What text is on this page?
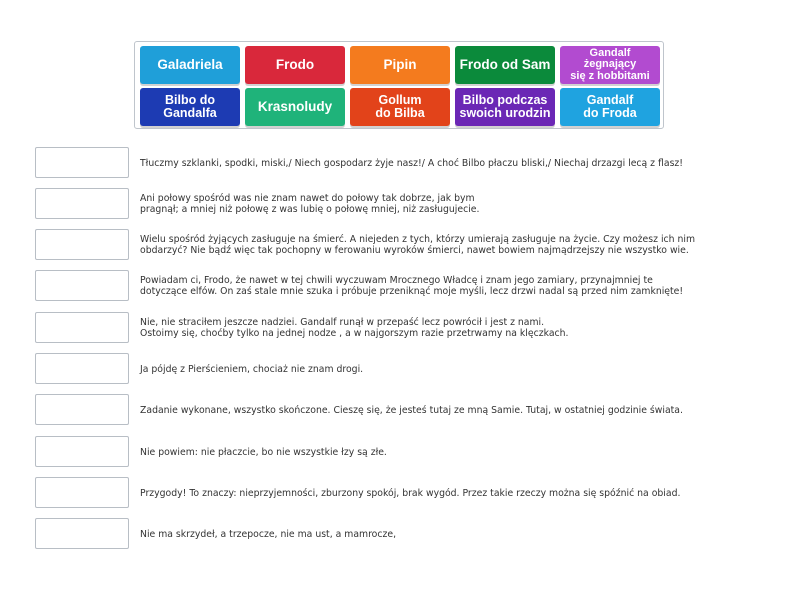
Galadriela	Frodo	Pipin	Frodo od Sam
Gandalf żegnający
się z hobbitami
Bilbo do
Gandalfa	Krasnoludy	Gollum
do Bilba
Bilbo podczas
swoich urodzin
Gandalf
do Froda
Tłuczmy szklanki, spodki, miski,/ Niech gospodarz żyje nasz!/ A choć Bilbo płaczu bliski,/ Niechaj drzazgi lecą z flasz!
Ani połowy spośród was nie znam nawet do połowy tak dobrze, jak bym
pragnął; a mniej niż połowę z was lubię o połowę mniej, niż zasługujecie.
Wielu spośród żyjących zasługuje na śmierć. A niejeden z tych, którzy umierają zasługuje na życie. Czy możesz ich nim
obdarzyć? Nie bądź więc tak pochopny w ferowaniu wyroków śmierci, nawet bowiem najmądrzejszy nie wszystko wie.
Powiadam ci, Frodo, że nawet w tej chwili wyczuwam Mrocznego Władcę i znam jego zamiary, przynajmniej te
dotyczące elfów. On zaś stale mnie szuka i próbuje przeniknąć moje myśli, lecz drzwi nadal są przed nim zamknięte!
Nie, nie straciłem jeszcze nadziei. Gandalf runął w przepaść lecz powrócił i jest z nami.
Ostoimy się, choćby tylko na jednej nodze , a w najgorszym razie przetrwamy na klęczkach.
Ja pójdę z Pierścieniem, chociaż nie znam drogi.
Zadanie wykonane, wszystko skończone. Cieszę się, że jesteś tutaj ze mną Samie. Tutaj, w ostatniej godzinie świata.
Nie powiem: nie płaczcie, bo nie wszystkie łzy są złe.
Przygody! To znaczy: nieprzyjemności, zburzony spokój, brak wygód. Przez takie rzeczy można się spóźnić na obiad.
Nie ma skrzydeł, a trzepocze, nie ma ust, a mamrocze,
